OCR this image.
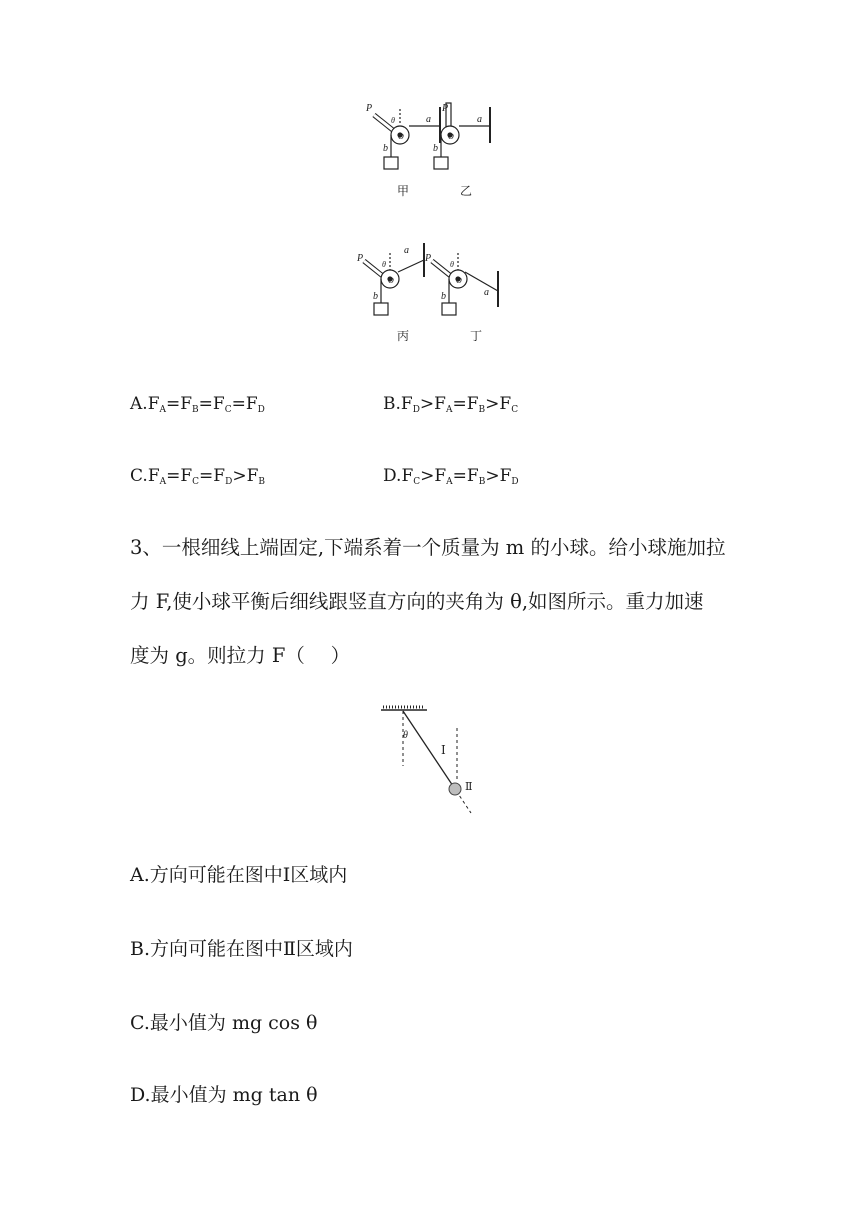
P
θ
O
a
b
P
O
a
b
P
θ
O
a
b
P
θ
O
a
b
甲	乙
丙	丁
$A.F_A=F_B=F_C=F_D$	$B.F_D>F_A=F_B>F_C$
$C.F_A=F_C=F_D>F_B$	$D.F_C>F_A=F_B>F_D$
3、一根细线上端固定,下端系着一个质量为 m 的小球。给小球施加拉
力 F,使小球平衡后细线跟竖直方向的夹角为 θ,如图所示。重力加速
度为 g。则拉力 F（　 ）
θ
Ⅰ
Ⅱ
A.方向可能在图中Ⅰ区域内
B.方向可能在图中Ⅱ区域内
C.最小值为 mg cos θ
D.最小值为 mg tan θ
